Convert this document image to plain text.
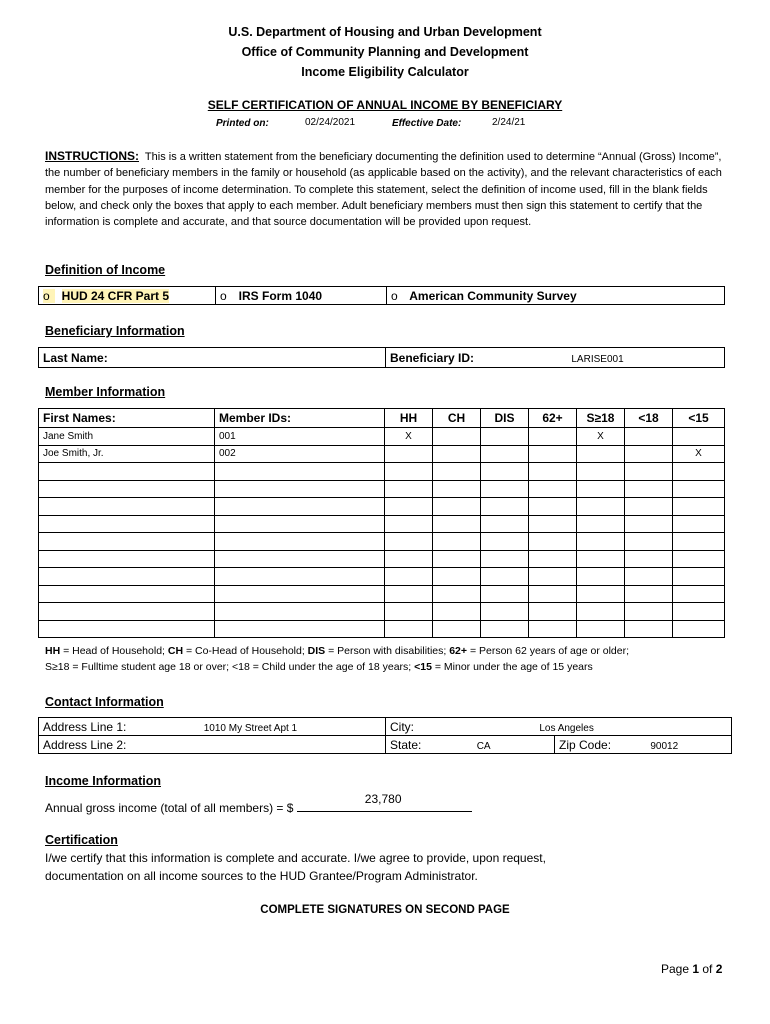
U.S. Department of Housing and Urban Development
Office of Community Planning and Development
Income Eligibility Calculator
SELF CERTIFICATION OF ANNUAL INCOME BY BENEFICIARY
Printed on:	02/24/2021	Effective Date:	2/24/21
INSTRUCTIONS: This is a written statement from the beneficiary documenting the definition used to determine “Annual (Gross) Income”, the number of beneficiary members in the family or household (as applicable based on the activity), and the relevant characteristics of each member for the purposes of income determination. To complete this statement, select the definition of income used, fill in the blank fields below, and check only the boxes that apply to each member. Adult beneficiary members must then sign this statement to certify that the information is complete and accurate, and that source documentation will be provided upon request.
Definition of Income
o HUD 24 CFR Part 5	o IRS Form 1040	o American Community Survey
Beneficiary Information
Last Name:	Beneficiary ID:	LARISE001
Member Information
First Names:	Member IDs:	HH	CH	DIS	62+	S≥18	<18	<15
Jane Smith	001	X				X		
Joe Smith, Jr.	002							X

HH = Head of Household; CH = Co-Head of Household; DIS = Person with disabilities; 62+ = Person 62 years of age or older;
S≥18 = Fulltime student age 18 or over; <18 = Child under the age of 18 years; <15 = Minor under the age of 15 years
Contact Information
Address Line 1: 1010 My Street Apt 1	City: Los Angeles	
Address Line 2:	State: CA	Zip Code: 90012
Income Information
Annual gross income (total of all members) = $
23,780
Certification
I/we certify that this information is complete and accurate. I/we agree to provide, upon request,
documentation on all income sources to the HUD Grantee/Program Administrator.
COMPLETE SIGNATURES ON SECOND PAGE
Page 1 of 2
